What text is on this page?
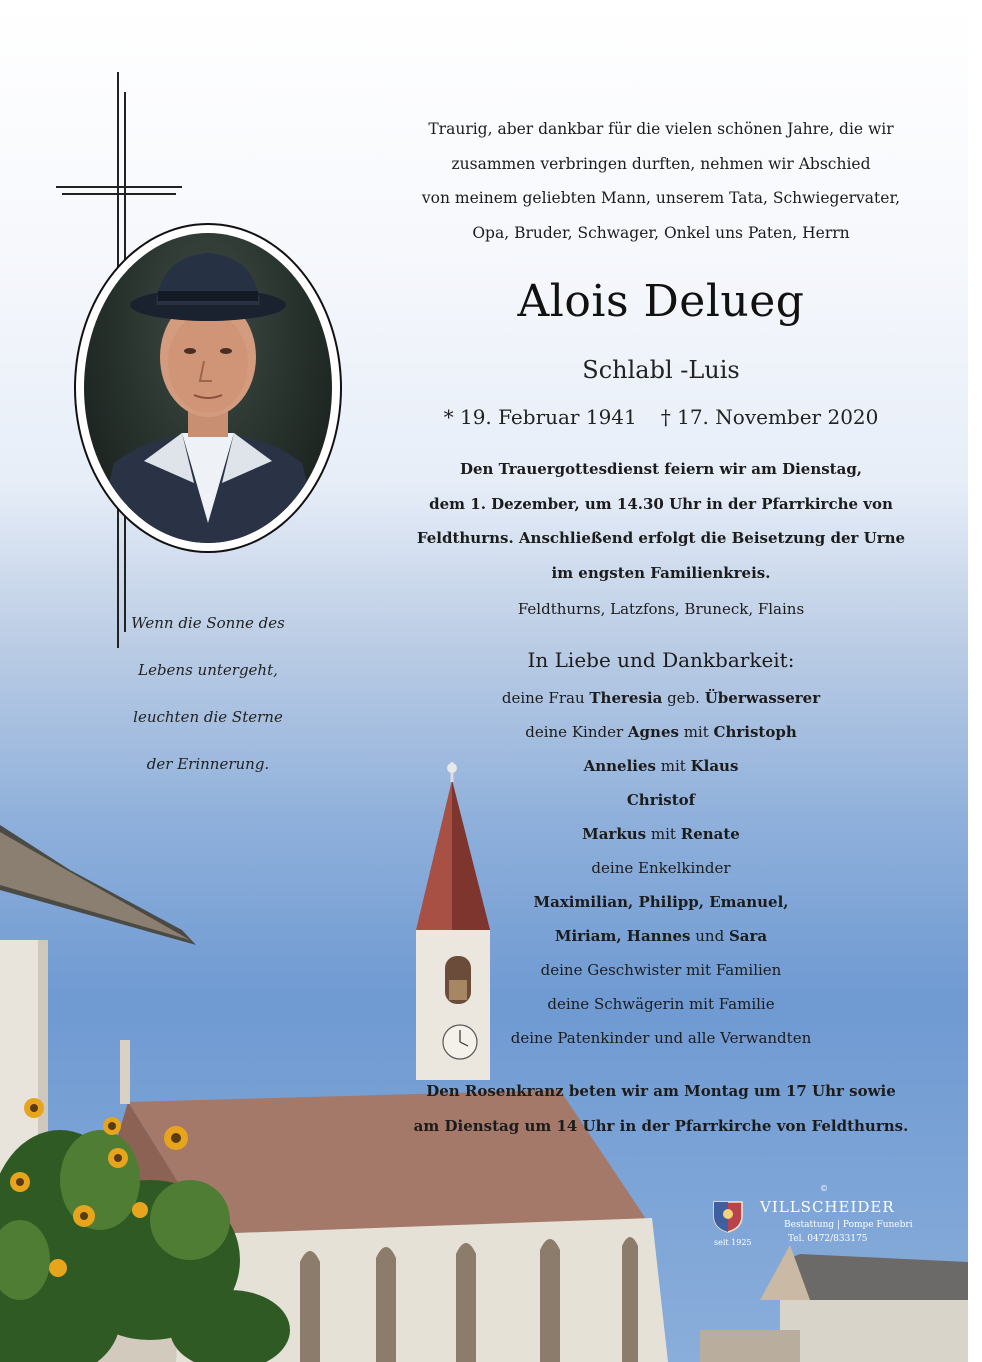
Wenn die Sonne des
Lebens untergeht,
leuchten die Sterne
der Erinnerung.
Traurig, aber dankbar für die vielen schönen Jahre, die wir
zusammen verbringen durften, nehmen wir Abschied
von meinem geliebten Mann, unserem Tata, Schwiegervater,
Opa, Bruder, Schwager, Onkel uns Paten, Herrn
Alois Delueg
Schlabl -Luis
* 19. Februar 1941 † 17. November 2020
Den Trauergottesdienst feiern wir am Dienstag,
dem 1. Dezember, um 14.30 Uhr in der Pfarrkirche von
Feldthurns. Anschließend erfolgt die Beisetzung der Urne
im engsten Familienkreis.
Feldthurns, Latzfons, Bruneck, Flains
In Liebe und Dankbarkeit:
deine Frau Theresia geb. Überwasserer
deine Kinder Agnes mit Christoph
Annelies mit Klaus
Christof
Markus mit Renate
deine Enkelkinder
Maximilian, Philipp, Emanuel,
Miriam, Hannes und Sara
deine Geschwister mit Familien
deine Schwägerin mit Familie
deine Patenkinder und alle Verwandten
Den Rosenkranz beten wir am Montag um 17 Uhr sowie
am Dienstag um 14 Uhr in der Pfarrkirche von Feldthurns.
©
VILLSCHEIDER
Bestattung | Pompe Funebri
Tel. 0472/833175
seit 1925
